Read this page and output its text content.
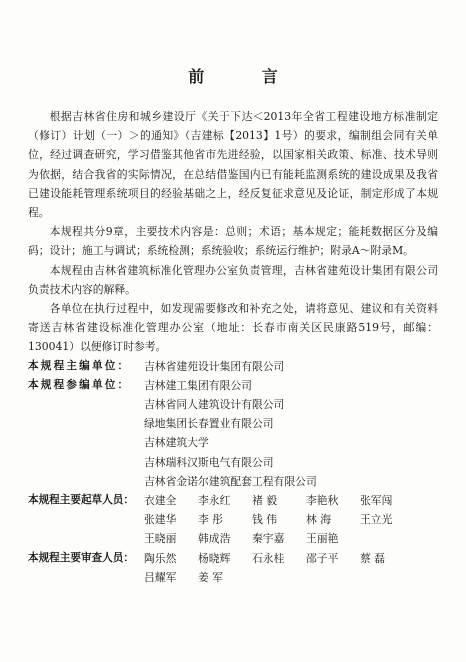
前 言

根据吉林省住房和城乡建设厅《关于下达＜2013年全省工程建设地方标准制定（修订）计划（一）＞的通知》（吉建标【2013】1号）的要求，编制组会同有关单位，经过调查研究，学习借鉴其他省市先进经验，以国家相关政策、标准、技术导则为依据，结合我省的实际情况，在总结借鉴国内已有能耗监测系统的建设成果及我省已建设能耗管理系统项目的经验基础之上，经反复征求意见及论证，制定形成了本规程。

本规程共分9章，主要技术内容是：总则；术语；基本规定；能耗数据区分及编码；设计；施工与调试；系统检测；系统验收；系统运行维护；附录A～附录M。

本规程由吉林省建筑标准化管理办公室负责管理，吉林省建苑设计集团有限公司负责技术内容的解释。

各单位在执行过程中，如发现需要修改和补充之处，请将意见、建议和有关资料寄送吉林省建设标准化管理办公室（地址：长春市南关区民康路519号，邮编：130041）以便修订时参考。

本规程主编单位：	吉林省建苑设计集团有限公司
本规程参编单位：	吉林建工集团有限公司
吉林省同人建筑设计有限公司
绿地集团长春置业有限公司
吉林建筑大学
吉林瑞科汉斯电气有限公司
吉林省金诺尔建筑配套工程有限公司
本规程主要起草人员： 衣建全	李永红	褚 毅	李艳秋	张军闯
张建华	李 彤	钱 伟	林 海	王立光
王晓丽	韩成浩	秦宇嘉	王丽艳
本规程主要审查人员： 陶乐然	杨晓辉	石永桂	邵子平	蔡 磊
吕耀军	姜 军
